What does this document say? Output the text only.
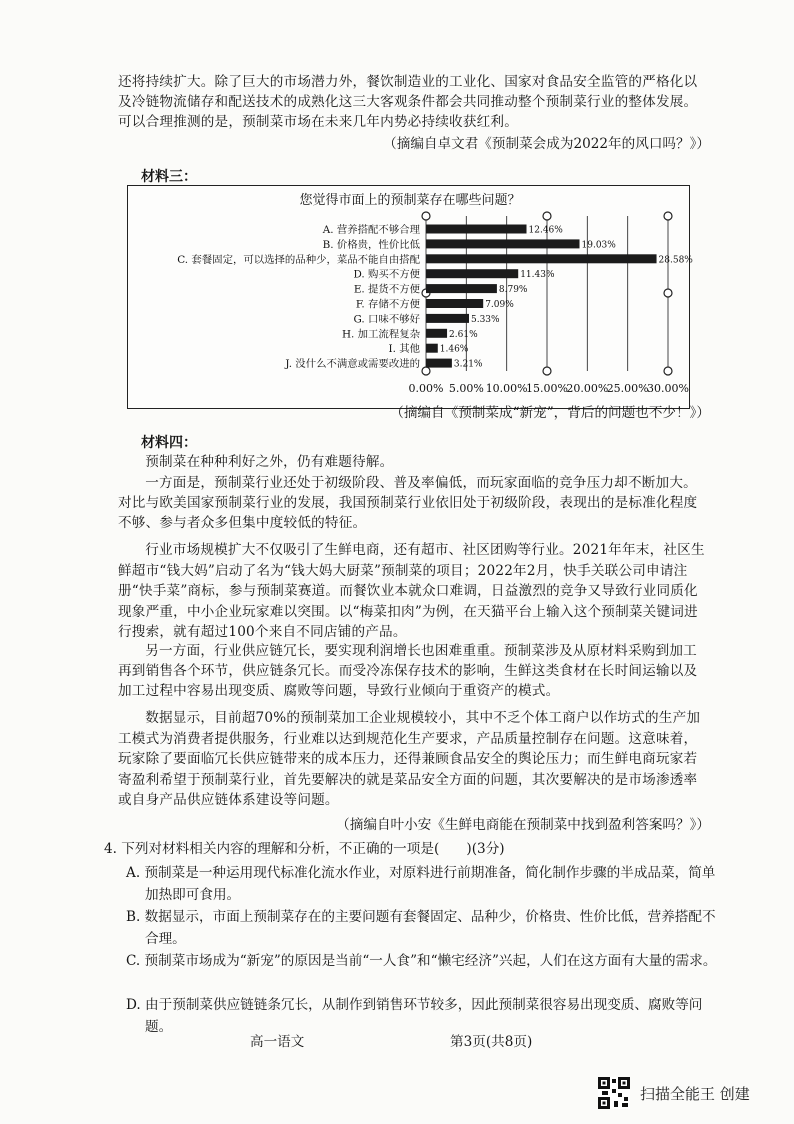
还将持续扩大。除了巨大的市场潜力外，餐饮制造业的工业化、国家对食品安全监管的严格化以及冷链物流储存和配送技术的成熟化这三大客观条件都会共同推动整个预制菜行业的整体发展。可以合理推测的是，预制菜市场在未来几年内势必持续收获红利。
（摘编自卓文君《预制菜会成为2022年的风口吗？》）
材料三：
您觉得市面上的预制菜存在哪些问题？
0.00% 5.00% 10.00%
15.00%
20.00%
25.00%
30.00%
A. 营养搭配不够合理	12.46%
B. 价格贵，性价比低	19.03%
C. 套餐固定，可以选择的品种少，菜品不能自由搭配	28.58%
D. 购买不方便	11.43%
E. 提货不方便	8.79%
F. 存储不方便	7.09%
G. 口味不够好	5.33%
H. 加工流程复杂	2.61%
I. 其他 1.46%
J. 没什么不满意或需要改进的	3.21%
（摘编自《预制菜成“新宠”，背后的问题也不少！》）
材料四：
预制菜在种种利好之外，仍有难题待解。
一方面是，预制菜行业还处于初级阶段、普及率偏低，而玩家面临的竞争压力却不断加大。对比与欧美国家预制菜行业的发展，我国预制菜行业依旧处于初级阶段，表现出的是标准化程度不够、参与者众多但集中度较低的特征。
行业市场规模扩大不仅吸引了生鲜电商，还有超市、社区团购等行业。2021年年末，社区生鲜超市“钱大妈”启动了名为“钱大妈大厨菜”预制菜的项目；2022年2月，快手关联公司申请注册“快手菜”商标，参与预制菜赛道。而餐饮业本就众口难调，日益激烈的竞争又导致行业同质化现象严重，中小企业玩家难以突围。以“梅菜扣肉”为例，在天猫平台上输入这个预制菜关键词进行搜索，就有超过100个来自不同店铺的产品。
另一方面，行业供应链冗长，要实现利润增长也困难重重。预制菜涉及从原材料采购到加工再到销售各个环节，供应链条冗长。而受冷冻保存技术的影响，生鲜这类食材在长时间运输以及加工过程中容易出现变质、腐败等问题，导致行业倾向于重资产的模式。
数据显示，目前超70%的预制菜加工企业规模较小，其中不乏个体工商户以作坊式的生产加工模式为消费者提供服务，行业难以达到规范化生产要求，产品质量控制存在问题。这意味着，玩家除了要面临冗长供应链带来的成本压力，还得兼顾食品安全的舆论压力；而生鲜电商玩家若寄盈利希望于预制菜行业，首先要解决的就是菜品安全方面的问题，其次要解决的是市场渗透率或自身产品供应链体系建设等问题。
（摘编自叶小安《生鲜电商能在预制菜中找到盈利答案吗？》）
4. 下列对材料相关内容的理解和分析，不正确的一项是(　　)(3分)
A. 预制菜是一种运用现代标准化流水作业，对原料进行前期准备，简化制作步骤的半成品菜，简单加热即可食用。
B. 数据显示，市面上预制菜存在的主要问题有套餐固定、品种少，价格贵、性价比低，营养搭配不合理。
C. 预制菜市场成为“新宠”的原因是当前“一人食”和“懒宅经济”兴起，人们在这方面有大量的需求。
D. 由于预制菜供应链链条冗长，从制作到销售环节较多，因此预制菜很容易出现变质、腐败等问题。
高一语文	第3页(共8页)
扫描全能王 创建
